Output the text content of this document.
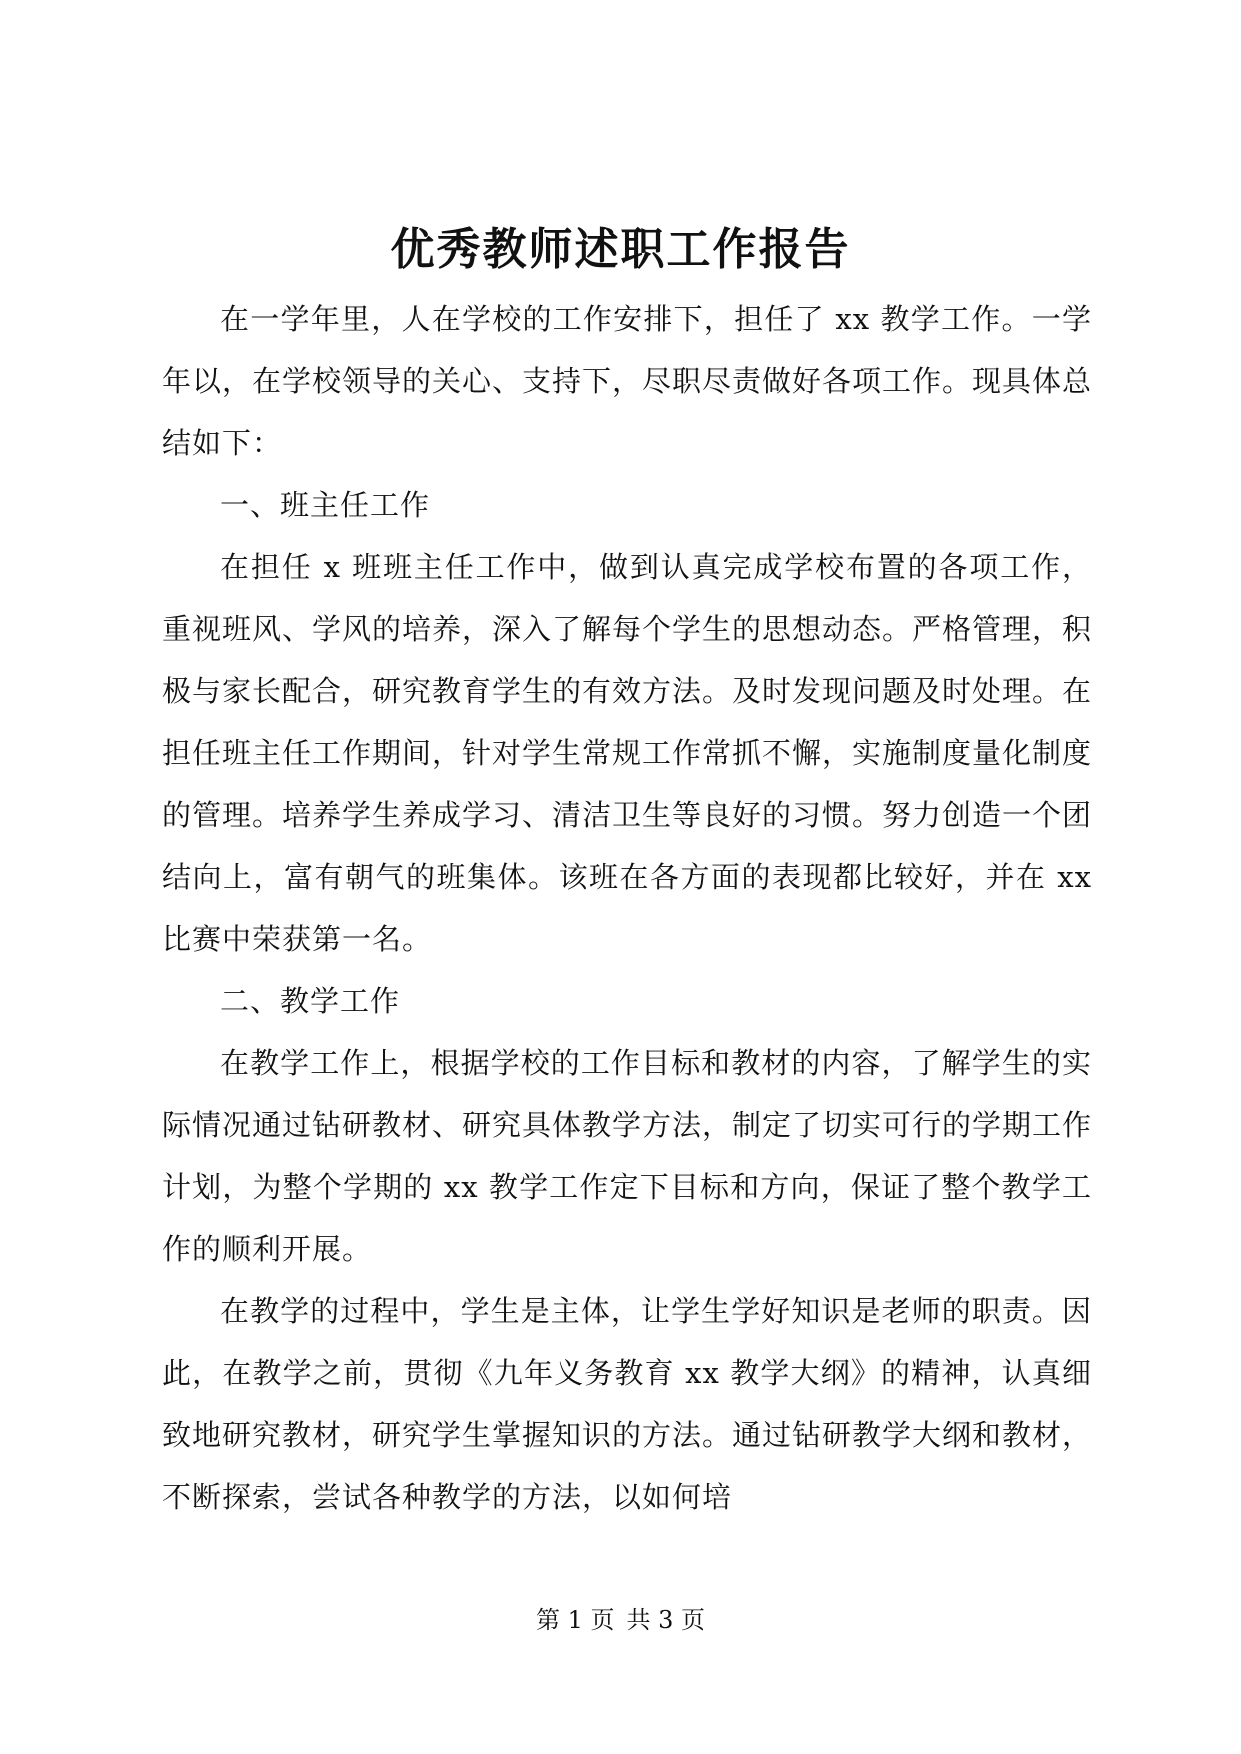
优秀教师述职工作报告

在一学年里，人在学校的工作安排下，担任了 xx 教学工作。一学年以，在学校领导的关心、支持下，尽职尽责做好各项工作。现具体总结如下：

一、班主任工作

在担任 x 班班主任工作中，做到认真完成学校布置的各项工作，重视班风、学风的培养，深入了解每个学生的思想动态。严格管理，积极与家长配合，研究教育学生的有效方法。及时发现问题及时处理。在担任班主任工作期间，针对学生常规工作常抓不懈，实施制度量化制度的管理。培养学生养成学习、清洁卫生等良好的习惯。努力创造一个团结向上，富有朝气的班集体。该班在各方面的表现都比较好，并在 xx 比赛中荣获第一名。

二、教学工作

在教学工作上，根据学校的工作目标和教材的内容，了解学生的实际情况通过钻研教材、研究具体教学方法，制定了切实可行的学期工作计划，为整个学期的 xx 教学工作定下目标和方向，保证了整个教学工作的顺利开展。

在教学的过程中，学生是主体，让学生学好知识是老师的职责。因此，在教学之前，贯彻《九年义务教育 xx 教学大纲》的精神，认真细致地研究教材，研究学生掌握知识的方法。通过钻研教学大纲和教材，不断探索，尝试各种教学的方法，以如何培

第 1 页 共 3 页
